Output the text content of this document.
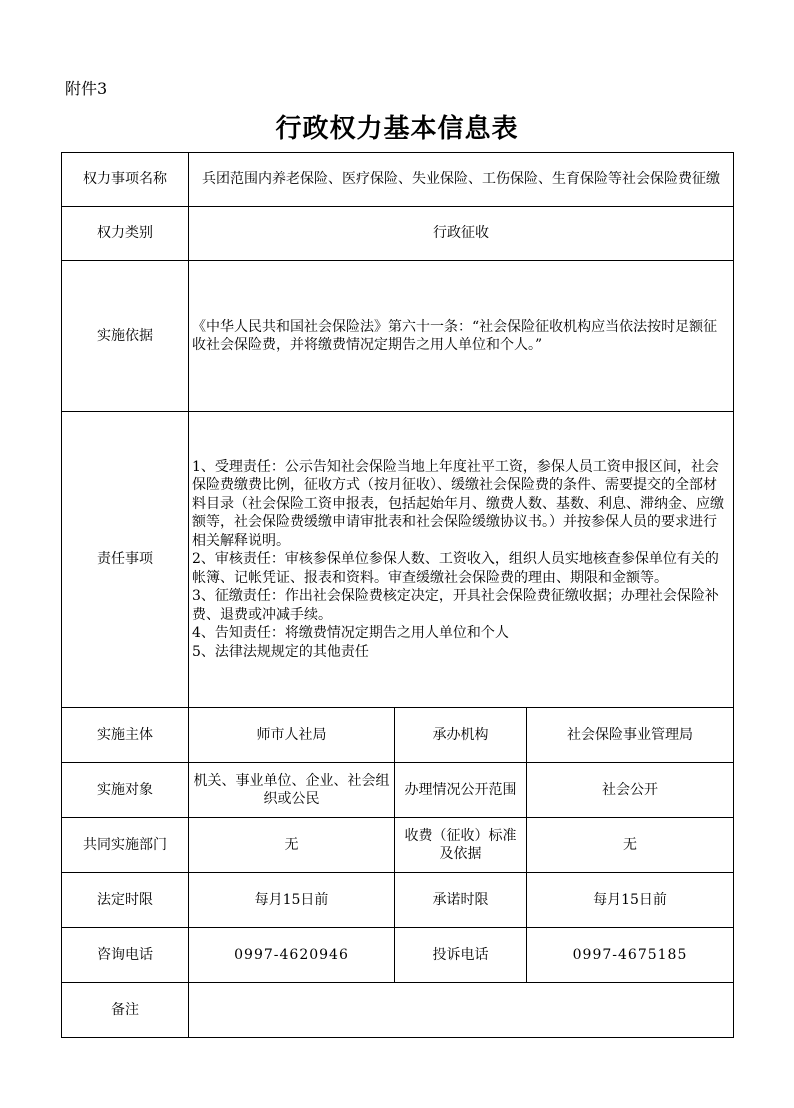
附件3
行政权力基本信息表
权力事项名称	兵团范围内养老保险、医疗保险、失业保险、工伤保险、生育保险等社会保险费征缴		

权力类别	行政征收		
实施依据	《中华人民共和国社会保险法》第六十一条：“社会保险征收机构应当依法按时足额征收社会保险费，并将缴费情况定期告之用人单位和个人。”		
责任事项	1、受理责任：公示告知社会保险当地上年度社平工资，参保人员工资申报区间，社会保险费缴费比例，征收方式（按月征收）、缓缴社会保险费的条件、需要提交的全部材料目录（社会保险工资申报表，包括起始年月、缴费人数、基数、利息、滞纳金、应缴额等，社会保险费缓缴申请审批表和社会保险缓缴协议书。）并按参保人员的要求进行相关解释说明。

2、审核责任：审核参保单位参保人数、工资收入，组织人员实地核查参保单位有关的帐簿、记帐凭证、报表和资料。审查缓缴社会保险费的理由、期限和金额等。

3、征缴责任：作出社会保险费核定决定，开具社会保险费征缴收据；办理社会保险补费、退费或冲减手续。

4、告知责任：将缴费情况定期告之用人单位和个人

5、法律法规规定的其他责任		

实施主体	师市人社局	承办机构	社会保险事业管理局
实施对象	机关、事业单位、企业、社会组织或公民	办理情况公开范围	社会公开
共同实施部门	无	收费（征收）标准及依据	无
法定时限	每月15日前	承诺时限	每月15日前
咨询电话	0997-4620946	投诉电话	0997-4675185
备注			
